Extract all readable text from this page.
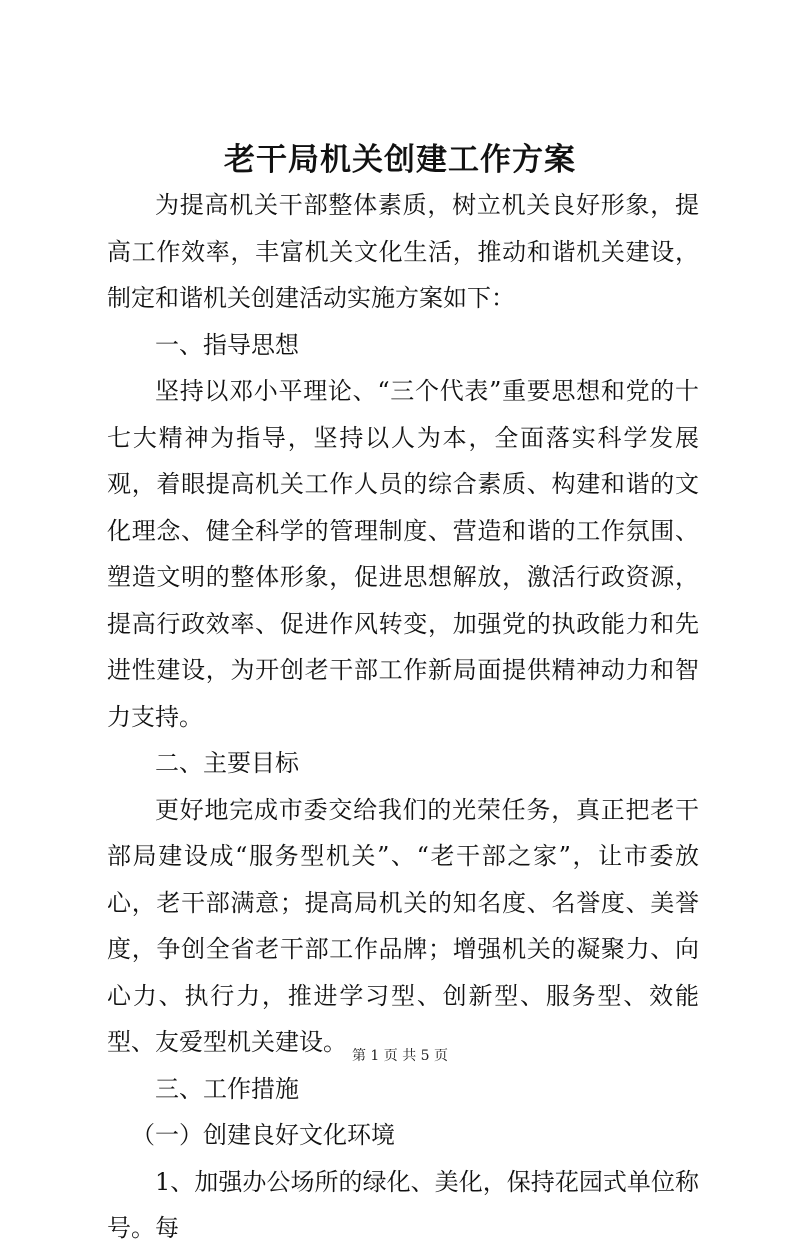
老干局机关创建工作方案

为提高机关干部整体素质，树立机关良好形象，提高工作效率，丰富机关文化生活，推动和谐机关建设，制定和谐机关创建活动实施方案如下：

一、指导思想

坚持以邓小平理论、“三个代表”重要思想和党的十七大精神为指导，坚持以人为本，全面落实科学发展观，着眼提高机关工作人员的综合素质、构建和谐的文化理念、健全科学的管理制度、营造和谐的工作氛围、塑造文明的整体形象，促进思想解放，激活行政资源，提高行政效率、促进作风转变，加强党的执政能力和先进性建设，为开创老干部工作新局面提供精神动力和智力支持。

二、主要目标

更好地完成市委交给我们的光荣任务，真正把老干部局建设成“服务型机关”、“老干部之家”，让市委放心，老干部满意；提高局机关的知名度、名誉度、美誉度，争创全省老干部工作品牌；增强机关的凝聚力、向心力、执行力，推进学习型、创新型、服务型、效能型、友爱型机关建设。

三、工作措施

（一）创建良好文化环境

1、加强办公场所的绿化、美化，保持花园式单位称号。每

第 1 页 共 5 页
